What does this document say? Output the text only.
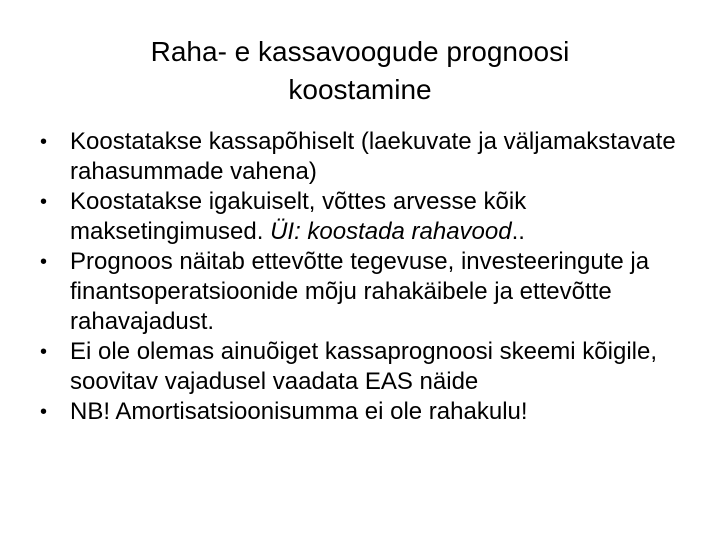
Raha- e kassavoogude prognoosi
koostamine
• Koostatakse kassapõhiselt (laekuvate ja väljamakstavate rahasummade vahena)
• Koostatakse igakuiselt, võttes arvesse kõik maksetingimused. ÜI: koostada rahavood..
• Prognoos näitab ettevõtte tegevuse, investeeringute ja finantsoperatsioonide mõju rahakäibele ja ettevõtte rahavajadust.
• Ei ole olemas ainuõiget kassaprognoosi skeemi kõigile, soovitav vajadusel vaadata EAS näide
• NB! Amortisatsioonisumma ei ole rahakulu!
